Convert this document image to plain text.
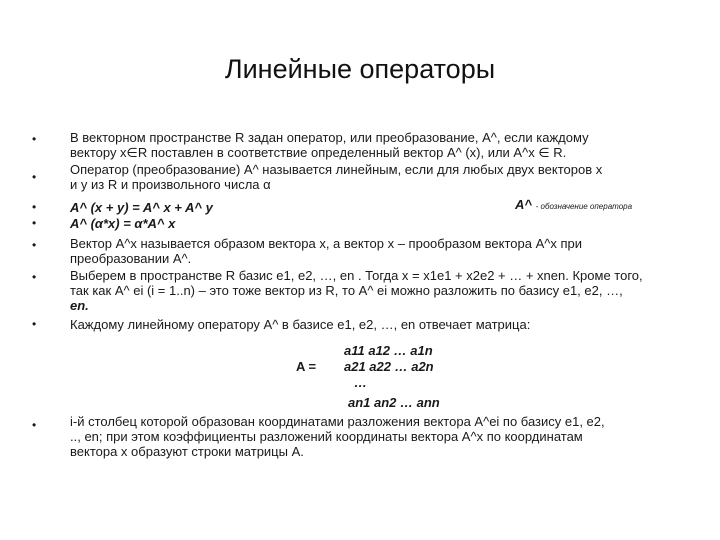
Линейные операторы
•
•
•
•
•
•
•
•
В векторном пространстве R задан оператор, или преобразование, A^, если каждому
вектору x∈R поставлен в соответствие определенный вектор A^ (x), или A^x ∈ R.
Оператор (преобразование) A^ называется линейным, если для любых двух векторов x
и y из R и произвольного числа α
A^ (x + y) = A^ x + A^ y
A^ (α*x) = α*A^ x
Вектор A^x называется образом вектора x, а вектор x – прообразом вектора A^x при
преобразовании A^.
Выберем в пространстве R базис e1, e2, …, en . Тогда x = x1e1 + x2e2 + … + xnen. Кроме того,
так как A^ ei (i = 1..n) – это тоже вектор из R, то A^ ei можно разложить по базису e1, e2, …,
en.
Каждому линейному оператору A^ в базисе e1, e2, …, en отвечает матрица:
i-й столбец которой образован координатами разложения вектора A^ei по базису e1, e2,
.., en; при этом коэффициенты разложений координаты вектора A^x по координатам
вектора x образуют строки матрицы A.
A^ - обозначение оператора
A =
a11 a12 … a1n
a21 a22 … a2n
…
an1 an2 … ann
